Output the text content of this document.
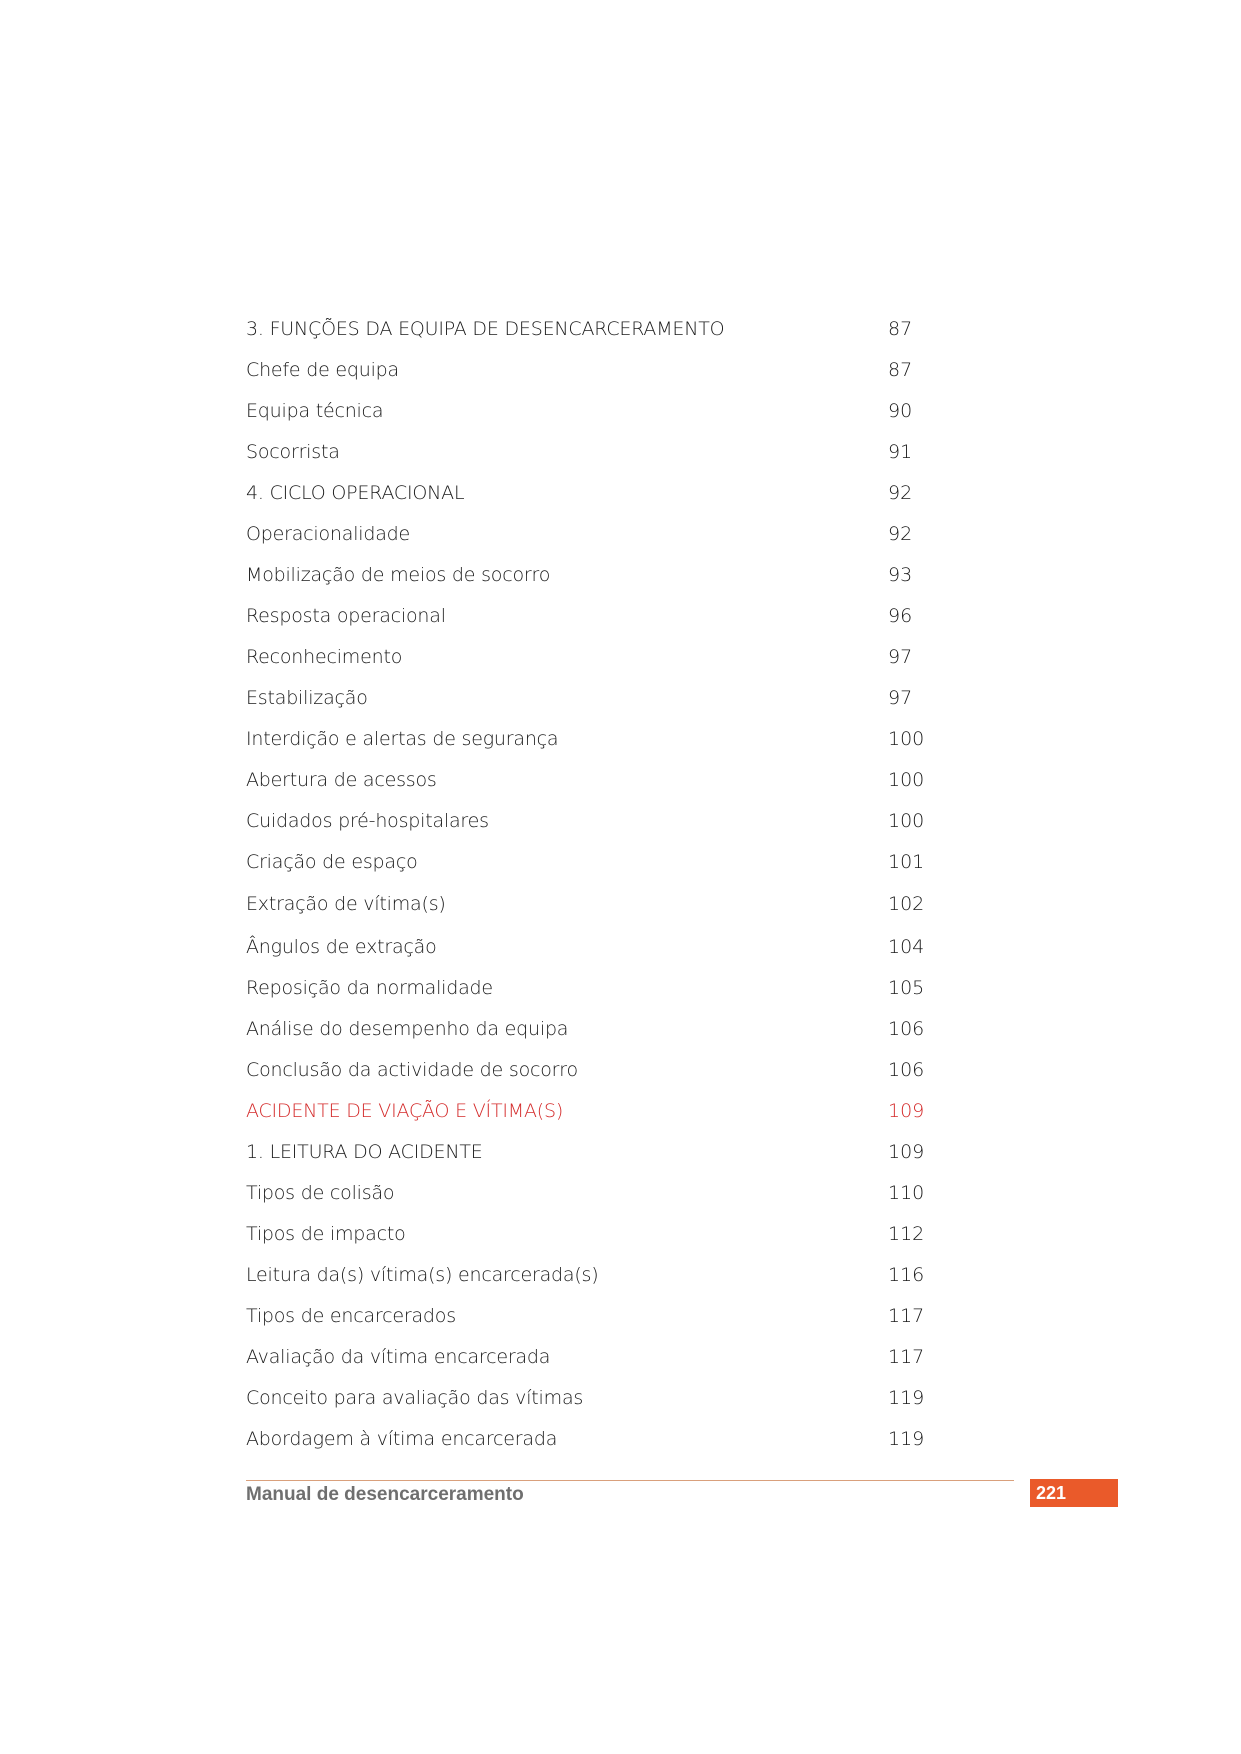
3. FUNÇÕES DA EQUIPA DE DESENCARCERAMENTO	87
Chefe de equipa	87
Equipa técnica	90
Socorrista	91
4. CICLO OPERACIONAL	92
Operacionalidade	92
Mobilização de meios de socorro	93
Resposta operacional	96
Reconhecimento	97
Estabilização	97
Interdição e alertas de segurança	100
Abertura de acessos	100
Cuidados pré-hospitalares	100
Criação de espaço	101
Extração de vítima(s)	102
Ângulos de extração	104
Reposição da normalidade	105
Análise do desempenho da equipa	106
Conclusão da actividade de socorro	106
ACIDENTE DE VIAÇÃO E VÍTIMA(S)	109
1. LEITURA DO ACIDENTE	109
Tipos de colisão	110
Tipos de impacto	112
Leitura da(s) vítima(s) encarcerada(s)	116
Tipos de encarcerados	117
Avaliação da vítima encarcerada	117
Conceito para avaliação das vítimas	119
Abordagem à vítima encarcerada	119
Manual de desencarceramento	221
